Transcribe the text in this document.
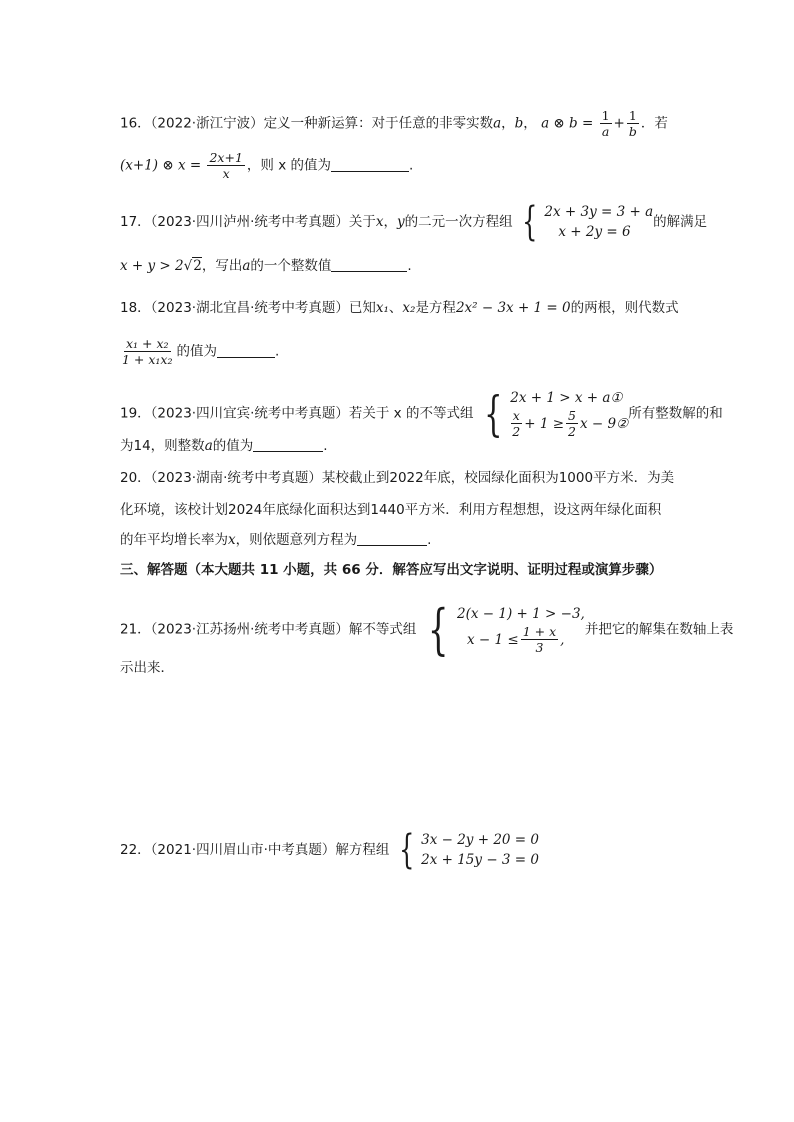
16．（2022·浙江宁波）定义一种新运算：对于任意的非零实数a，b， a ⊗ $b = \frac{1}{a} + \frac{1}{b}$ ．若
(x+1) ⊗ $x = \frac{2x+1}{x}$ ，则 x 的值为	.
17．（2023·四川泸州·统考中考真题）关于x，y的二元一次方程组 { 2x + 3y = 3 + a
x + 2y = 6
的解满足
x + y > 2√2，写出a的一个整数值	.
18．（2023·湖北宜昌·统考中考真题）已知x₁、x₂是方程2x² − 3x + 1 = 0的两根，则代数式
$\frac{\text{x₁ + x₂}}{\text{1 + x₁x₂}}$ 的值为	.
19．（2023·四川宜宾·统考中考真题）若关于 x 的不等式组 { 2x + 1 > x + a①
$\frac{x}{2} + 1 \ge \frac{5}{2}$ x − 9②
所有整数解的和
为14，则整数a的值为	.
20．（2023·湖南·统考中考真题）某校截止到2022年底，校园绿化面积为1000平方米．为美
化环境，该校计划2024年底绿化面积达到1440平方米．利用方程想想，设这两年绿化面积
的年平均增长率为x，则依题意列方程为	.
三、解答题（本大题共 11 小题，共 66 分．解答应写出文字说明、证明过程或演算步骤）
21．（2023·江苏扬州·统考中考真题）解不等式组 { 2(x − 1) + 1 > −3,
$x - 1 \le \frac{1 + x}{3}$ ,
并把它的解集在数轴上表
示出来．
22．（2021·四川眉山市·中考真题）解方程组 { 3x − 2y + 20 = 0
2x + 15y − 3 = 0
